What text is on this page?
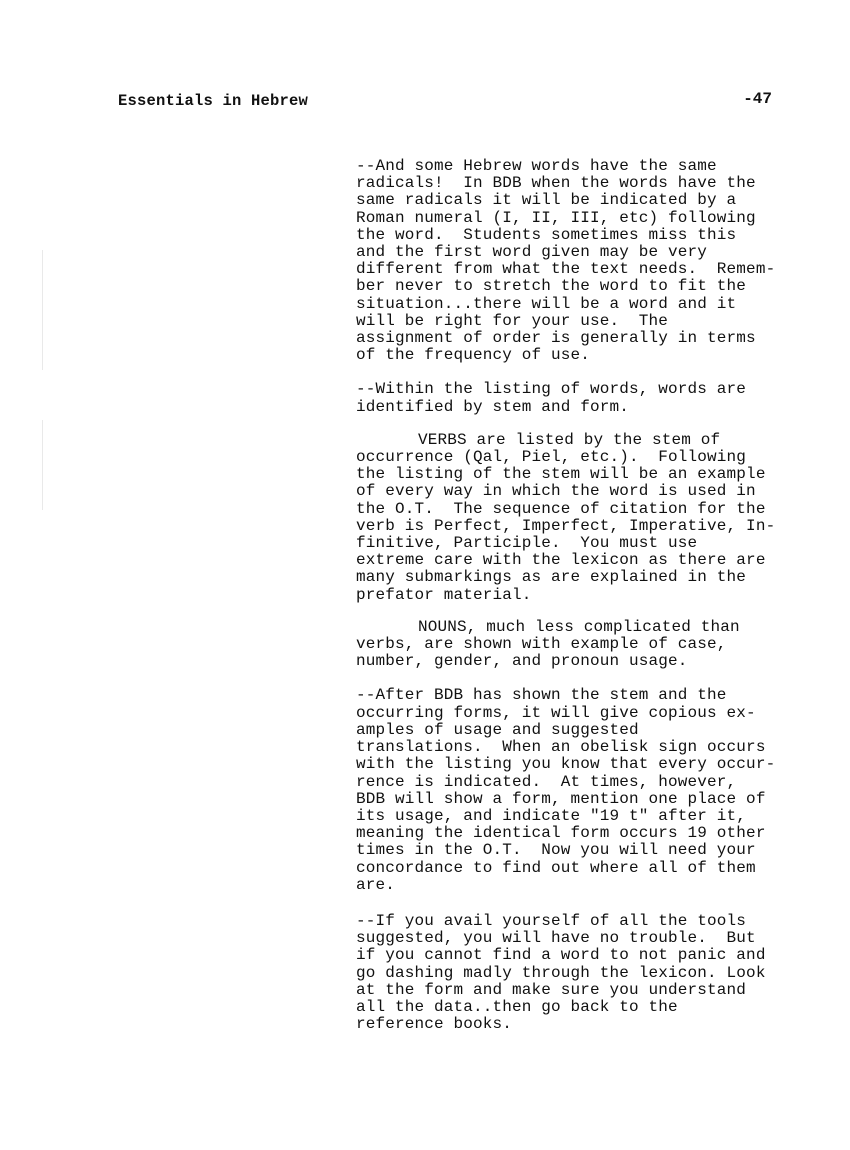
Essentials in Hebrew	-47

--And some Hebrew words have the same
radicals!  In BDB when the words have the
same radicals it will be indicated by a
Roman numeral (I, II, III, etc) following
the word.  Students sometimes miss this
and the first word given may be very
different from what the text needs.  Remem-
ber never to stretch the word to fit the
situation...there will be a word and it
will be right for your use.  The
assignment of order is generally in terms
of the frequency of use.

--Within the listing of words, words are
identified by stem and form.

VERBS are listed by the stem of
occurrence (Qal, Piel, etc.).  Following
the listing of the stem will be an example
of every way in which the word is used in
the O.T.  The sequence of citation for the
verb is Perfect, Imperfect, Imperative, In-
finitive, Participle.  You must use
extreme care with the lexicon as there are
many submarkings as are explained in the
prefator material.

NOUNS, much less complicated than
verbs, are shown with example of case,
number, gender, and pronoun usage.

--After BDB has shown the stem and the
occurring forms, it will give copious ex-
amples of usage and suggested
translations.  When an obelisk sign occurs
with the listing you know that every occur-
rence is indicated.  At times, however,
BDB will show a form, mention one place of
its usage, and indicate "19 t" after it,
meaning the identical form occurs 19 other
times in the O.T.  Now you will need your
concordance to find out where all of them
are.

--If you avail yourself of all the tools
suggested, you will have no trouble.  But
if you cannot find a word to not panic and
go dashing madly through the lexicon. Look
at the form and make sure you understand
all the data..then go back to the
reference books.
